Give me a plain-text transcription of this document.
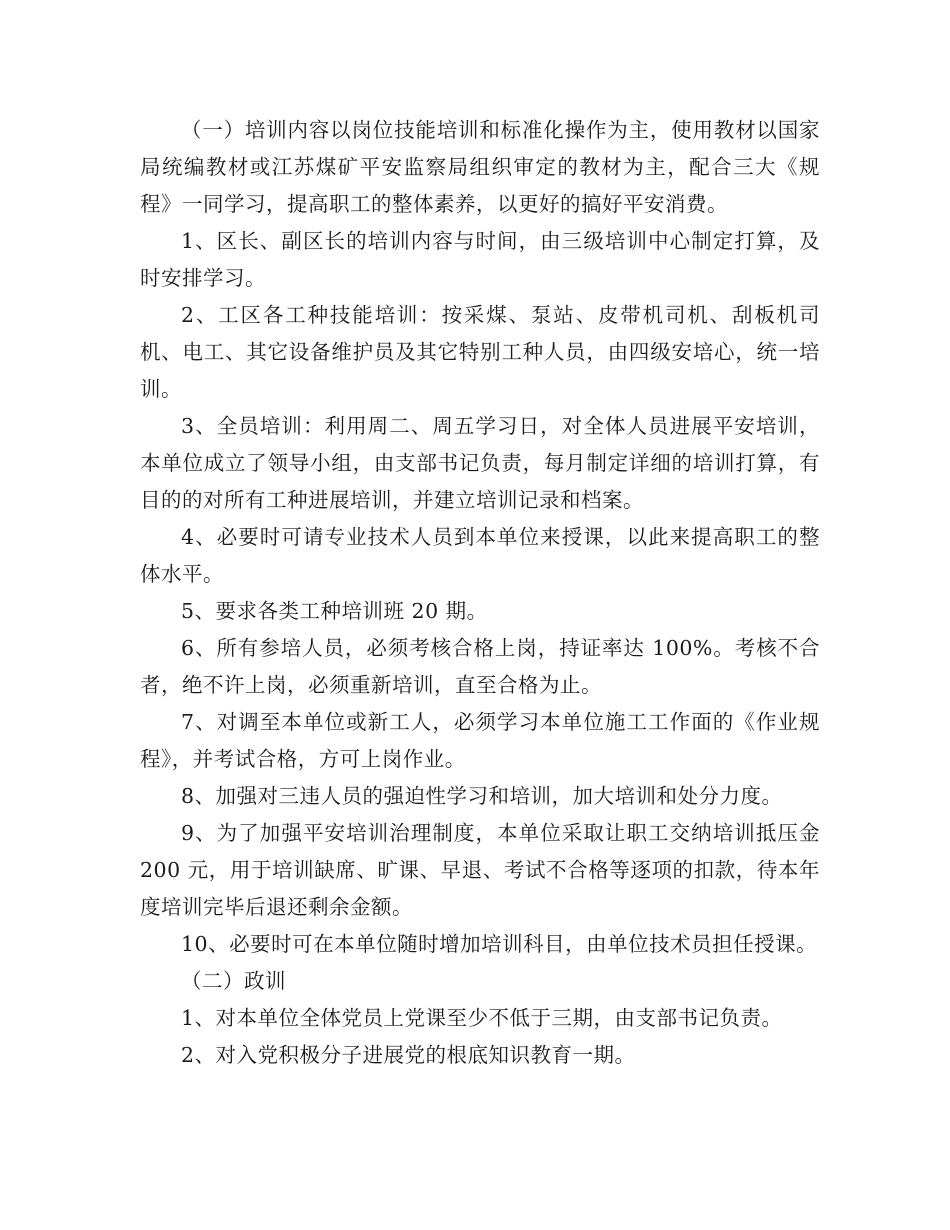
（一）培训内容以岗位技能培训和标准化操作为主，使用教材以国家局统编教材或江苏煤矿平安监察局组织审定的教材为主，配合三大《规程》一同学习，提高职工的整体素养，以更好的搞好平安消费。

1、区长、副区长的培训内容与时间，由三级培训中心制定打算，及时安排学习。

2、工区各工种技能培训：按采煤、泵站、皮带机司机、刮板机司机、电工、其它设备维护员及其它特别工种人员，由四级安培心，统一培训。

3、全员培训：利用周二、周五学习日，对全体人员进展平安培训，本单位成立了领导小组，由支部书记负责，每月制定详细的培训打算，有目的的对所有工种进展培训，并建立培训记录和档案。

4、必要时可请专业技术人员到本单位来授课，以此来提高职工的整体水平。

5、要求各类工种培训班 20 期。

6、所有参培人员，必须考核合格上岗，持证率达 100%。考核不合者，绝不许上岗，必须重新培训，直至合格为止。

7、对调至本单位或新工人，必须学习本单位施工工作面的《作业规程》，并考试合格，方可上岗作业。

8、加强对三违人员的强迫性学习和培训，加大培训和处分力度。

9、为了加强平安培训治理制度，本单位采取让职工交纳培训抵压金 200 元，用于培训缺席、旷课、早退、考试不合格等逐项的扣款，待本年度培训完毕后退还剩余金额。

10、必要时可在本单位随时增加培训科目，由单位技术员担任授课。

（二）政训

1、对本单位全体党员上党课至少不低于三期，由支部书记负责。

2、对入党积极分子进展党的根底知识教育一期。
